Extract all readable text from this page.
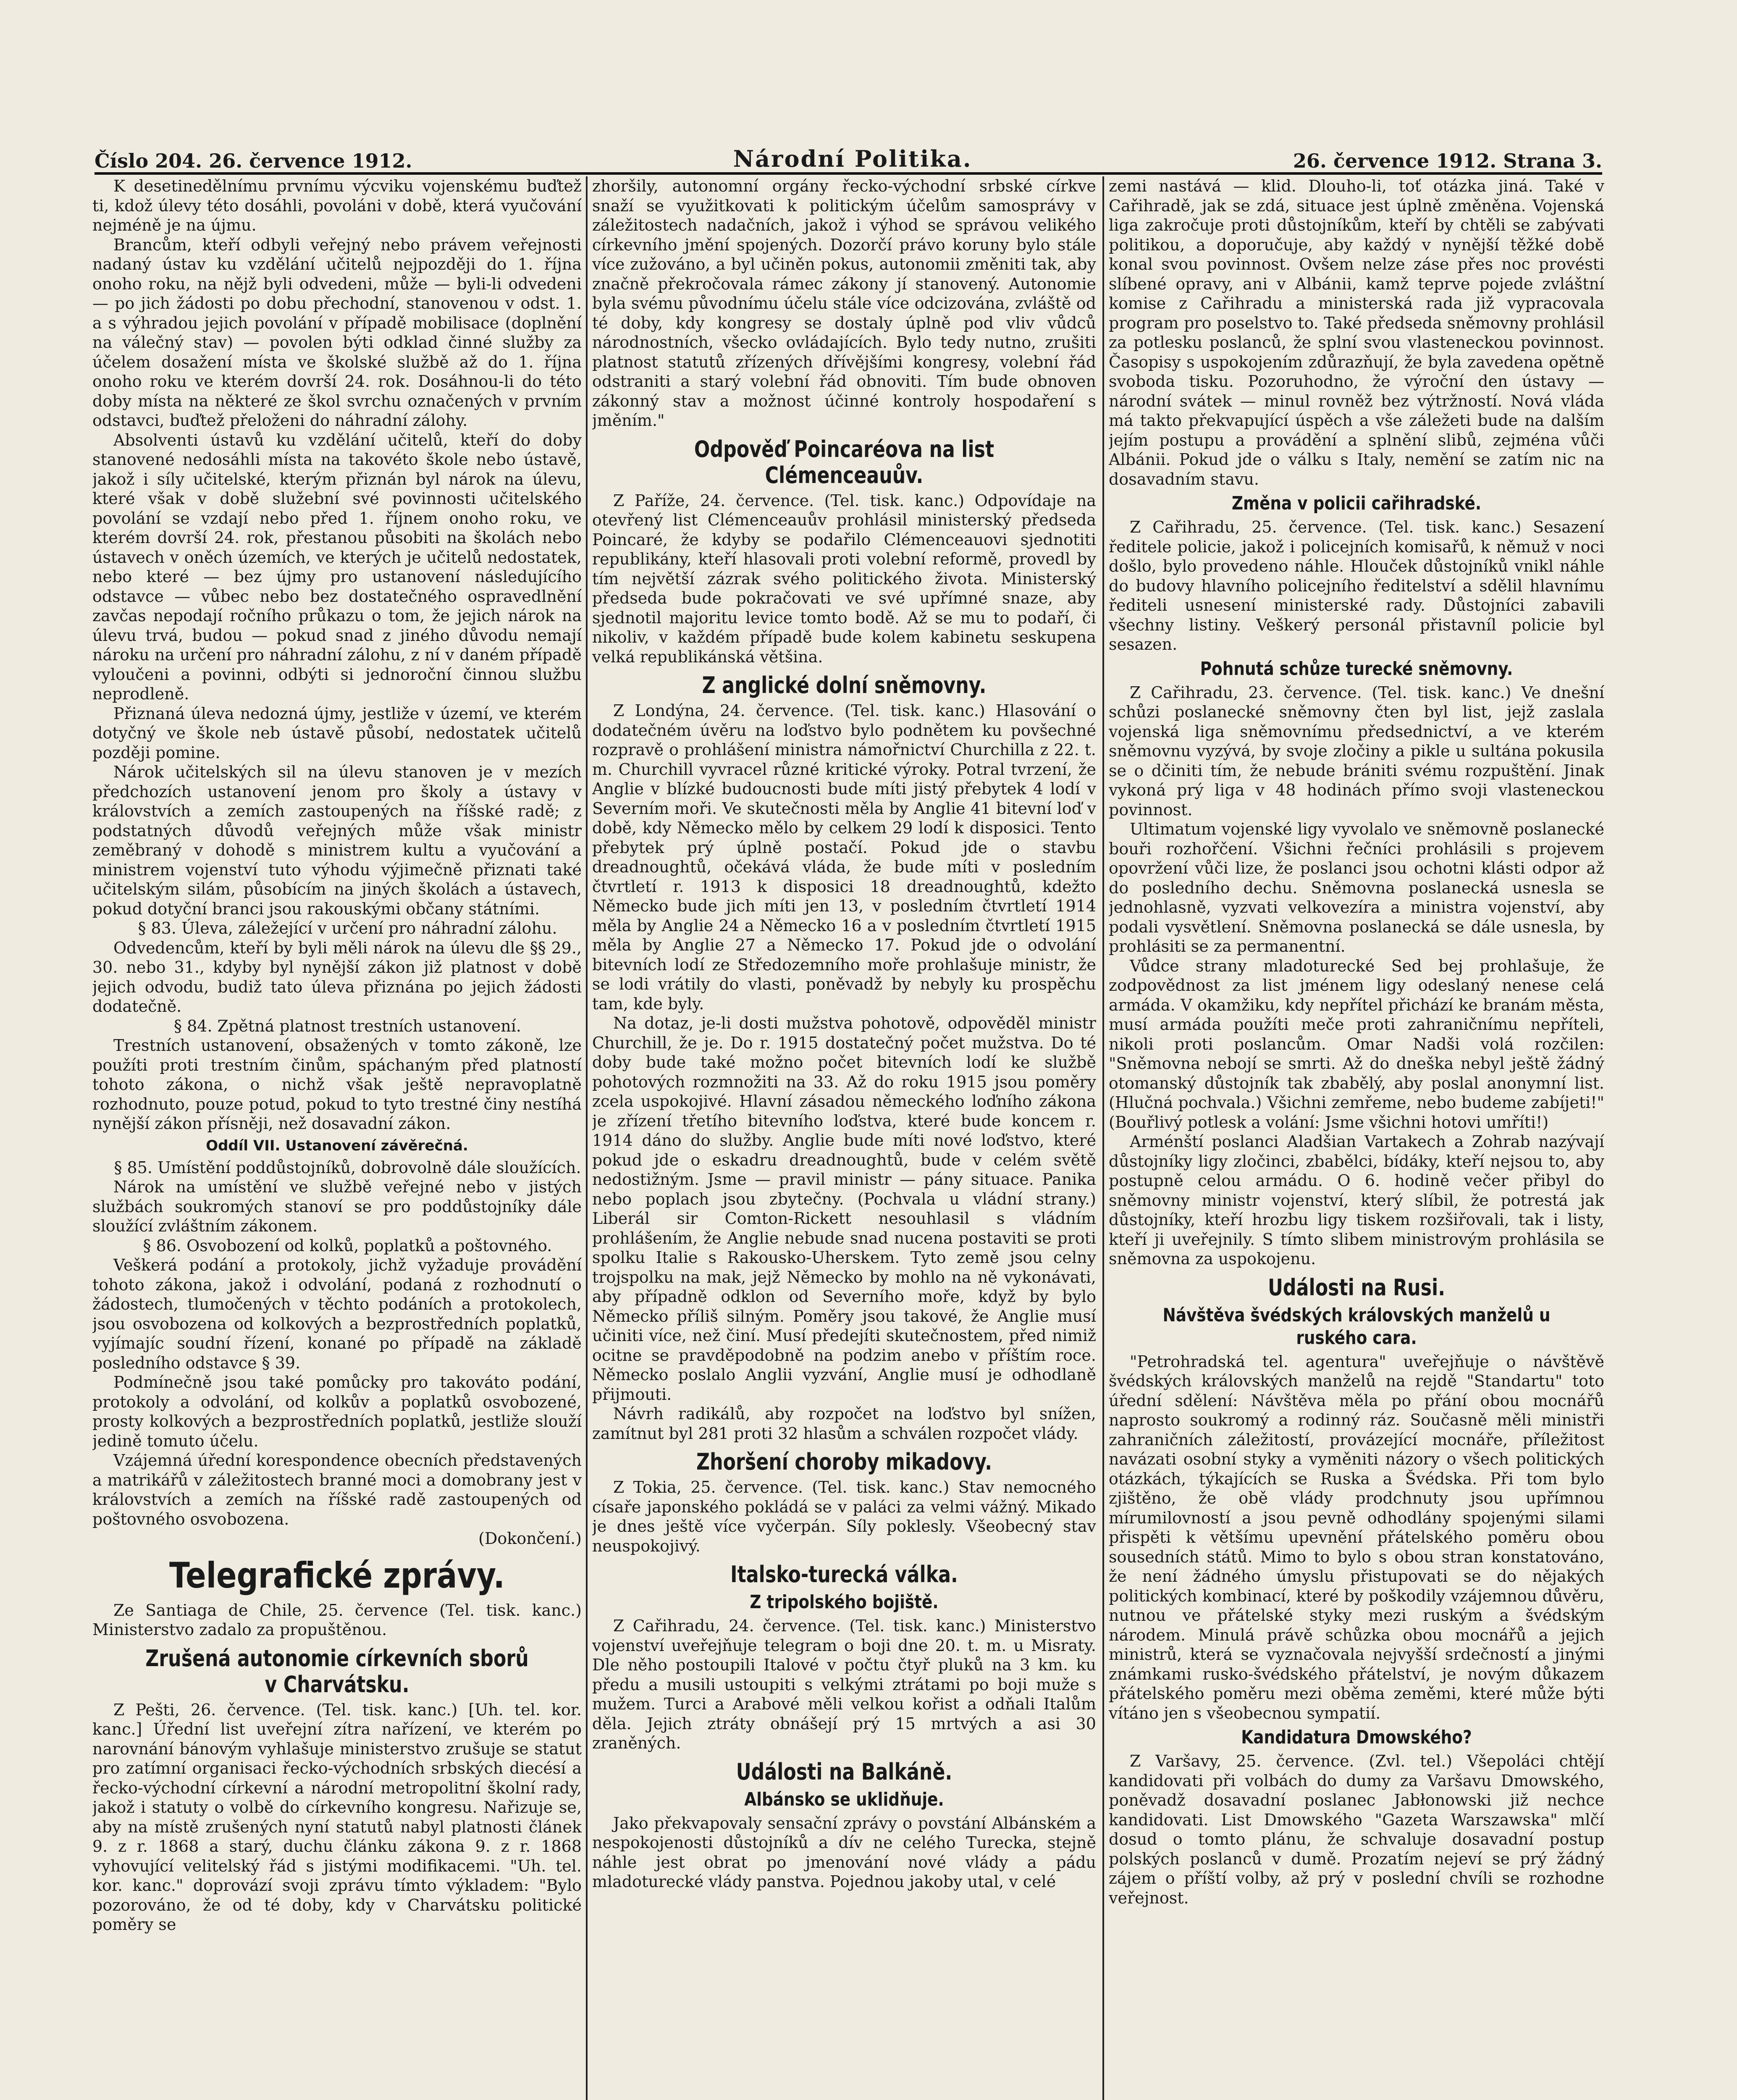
Číslo 204. 26. července 1912.	Národní Politika.	26. července 1912. Strana 3.

K desetinedělnímu prvnímu výcviku vojenskému buďtež ti, kdož úlevy této dosáhli, povoláni v době, která vyučování nejméně je na újmu.

Brancům, kteří odbyli veřejný nebo právem veřejnosti nadaný ústav ku vzdělání učitelů nejpozději do 1. října onoho roku, na nějž byli odvedeni, může — byli-li odvedeni — po jich žádosti po dobu přechodní, stanovenou v odst. 1. a s výhradou jejich povolání v případě mobilisace (doplnění na válečný stav) — povolen býti odklad činné služby za účelem dosažení místa ve školské službě až do 1. října onoho roku ve kterém dovrší 24. rok. Dosáhnou-li do této doby místa na některé ze škol svrchu označených v prvním odstavci, buďtež přeloženi do náhradní zálohy.

Absolventi ústavů ku vzdělání učitelů, kteří do doby stanovené nedosáhli místa na takovéto škole nebo ústavě, jakož i síly učitelské, kterým přiznán byl nárok na úlevu, které však v době služební své povinnosti učitelského povolání se vzdají nebo před 1. říjnem onoho roku, ve kterém dovrší 24. rok, přestanou působiti na školách nebo ústavech v oněch územích, ve kterých je učitelů nedostatek, nebo které — bez újmy pro ustanovení následujícího odstavce — vůbec nebo bez dostatečného ospravedlnění zavčas nepodají ročního průkazu o tom, že jejich nárok na úlevu trvá, budou — pokud snad z jiného důvodu nemají nároku na určení pro náhradní zálohu, z ní v daném případě vyloučeni a povinni, odbýti si jednoroční činnou službu neprodleně.

Přiznaná úleva nedozná újmy, jestliže v území, ve kterém dotyčný ve škole neb ústavě působí, nedostatek učitelů později pomine.

Nárok učitelských sil na úlevu stanoven je v mezích předchozích ustanovení jenom pro školy a ústavy v královstvích a zemích zastoupených na říšské radě; z podstatných důvodů veřejných může však ministr zeměbraný v dohodě s ministrem kultu a vyučování a ministrem vojenství tuto výhodu výjimečně přiznati také učitelským silám, působícím na jiných školách a ústavech, pokud dotyční branci jsou rakouskými občany státními.

§ 83. Úleva, záležející v určení pro náhradní zálohu.

Odvedencům, kteří by byli měli nárok na úlevu dle §§ 29., 30. nebo 31., kdyby byl nynější zákon již platnost v době jejich odvodu, budiž tato úleva přiznána po jejich žádosti dodatečně.

§ 84. Zpětná platnost trestních ustanovení.

Trestních ustanovení, obsažených v tomto zákoně, lze použíti proti trestním činům, spáchaným před platností tohoto zákona, o nichž však ještě nepravoplatně rozhodnuto, pouze potud, pokud to tyto trestné činy nestíhá nynější zákon přísněji, než dosavadní zákon.

Oddíl VII. Ustanovení závěrečná.

§ 85. Umístění poddůstojníků, dobrovolně dále sloužících.

Nárok na umístění ve službě veřejné nebo v jistých službách soukromých stanoví se pro poddůstojníky dále sloužící zvláštním zákonem.

§ 86. Osvobození od kolků, poplatků a poštovného.

Veškerá podání a protokoly, jichž vyžaduje provádění tohoto zákona, jakož i odvolání, podaná z rozhodnutí o žádostech, tlumočených v těchto podáních a protokolech, jsou osvobozena od kolkových a bezprostředních poplatků, vyjímajíc soudní řízení, konané po případě na základě posledního odstavce § 39.

Podmínečně jsou také pomůcky pro takováto podání, protokoly a odvolání, od kolkův a poplatků osvobozené, prosty kolkových a bezprostředních poplatků, jestliže slouží jedině tomuto účelu.

Vzájemná úřední korespondence obecních představených a matrikářů v záležitostech branné moci a domobrany jest v královstvích a zemích na říšské radě zastoupených od poštovného osvobozena.

(Dokončení.)

Telegrafické zprávy.

Ze Santiaga de Chile, 25. července (Tel. tisk. kanc.) Ministerstvo zadalo za propuštěnou.

Zrušená autonomie církevních sborů v Charvátsku.

Z Pešti, 26. července. (Tel. tisk. kanc.) [Uh. tel. kor. kanc.] Úřední list uveřejní zítra nařízení, ve kterém po narovnání bánovým vyhlašuje ministerstvo zrušuje se statut pro zatímní organisaci řecko-východních srbských diecésí a řecko-východní církevní a národní metropolitní školní rady, jakož i statuty o volbě do církevního kongresu. Nařizuje se, aby na místě zrušených nyní statutů nabyl platnosti článek 9. z r. 1868 a starý, duchu článku zákona 9. z r. 1868 vyhovující velitelský řád s jistými modifikacemi. "Uh. tel. kor. kanc." doprovází svoji zprávu tímto výkladem: "Bylo pozorováno, že od té doby, kdy v Charvátsku politické poměry se

zhoršily, autonomní orgány řecko-východní srbské církve snaží se využitkovati k politickým účelům samosprávy v záležitostech nadačních, jakož i výhod se správou velikého církevního jmění spojených. Dozorčí právo koruny bylo stále více zužováno, a byl učiněn pokus, autonomii změniti tak, aby značně překročovala rámec zákony jí stanovený. Autonomie byla svému původnímu účelu stále více odcizována, zvláště od té doby, kdy kongresy se dostaly úplně pod vliv vůdců národnostních, všecko ovládajících. Bylo tedy nutno, zrušiti platnost statutů zřízených dřívějšími kongresy, volební řád odstraniti a starý volební řád obnoviti. Tím bude obnoven zákonný stav a možnost účinné kontroly hospodaření s jměním."

Odpověď Poincaréova na list Clémenceauův.

Z Paříže, 24. července. (Tel. tisk. kanc.) Odpovídaje na otevřený list Clémenceauův prohlásil ministerský předseda Poincaré, že kdyby se podařilo Clémenceauovi sjednotiti republikány, kteří hlasovali proti volební reformě, provedl by tím největší zázrak svého politického života. Ministerský předseda bude pokračovati ve své upřímné snaze, aby sjednotil majoritu levice tomto bodě. Až se mu to podaří, či nikoliv, v každém případě bude kolem kabinetu seskupena velká republikánská většina.

Z anglické dolní sněmovny.

Z Londýna, 24. července. (Tel. tisk. kanc.) Hlasování o dodatečném úvěru na loďstvo bylo podnětem ku povšechné rozpravě o prohlášení ministra námořnictví Churchilla z 22. t. m. Churchill vyvracel různé kritické výroky. Potral tvrzení, že Anglie v blízké budoucnosti bude míti jistý přebytek 4 lodí v Severním moři. Ve skutečnosti měla by Anglie 41 bitevní loď v době, kdy Německo mělo by celkem 29 lodí k disposici. Tento přebytek prý úplně postačí. Pokud jde o stavbu dreadnoughtů, očekává vláda, že bude míti v posledním čtvrtletí r. 1913 k disposici 18 dreadnoughtů, kdežto Německo bude jich míti jen 13, v posledním čtvrtletí 1914 měla by Anglie 24 a Německo 16 a v posledním čtvrtletí 1915 měla by Anglie 27 a Německo 17. Pokud jde o odvolání bitevních lodí ze Středozemního moře prohlašuje ministr, že se lodi vrátily do vlasti, poněvadž by nebyly ku prospěchu tam, kde byly.

Na dotaz, je-li dosti mužstva pohotově, odpověděl ministr Churchill, že je. Do r. 1915 dostatečný počet mužstva. Do té doby bude také možno počet bitevních lodí ke službě pohotových rozmnožiti na 33. Až do roku 1915 jsou poměry zcela uspokojivé. Hlavní zásadou německého loďního zákona je zřízení třetího bitevního loďstva, které bude koncem r. 1914 dáno do služby. Anglie bude míti nové loďstvo, které pokud jde o eskadru dreadnoughtů, bude v celém světě nedostižným. Jsme — pravil ministr — pány situace. Panika nebo poplach jsou zbytečny. (Pochvala u vládní strany.) Liberál sir Comton-Rickett nesouhlasil s vládním prohlášením, že Anglie nebude snad nucena postaviti se proti spolku Italie s Rakousko-Uherskem. Tyto země jsou celny trojspolku na mak, jejž Německo by mohlo na ně vykonávati, aby případně odklon od Severního moře, když by bylo Německo příliš silným. Poměry jsou takové, že Anglie musí učiniti více, než činí. Musí předejíti skutečnostem, před nimiž ocitne se pravděpodobně na podzim anebo v příštím roce. Německo poslalo Anglii vyzvání, Anglie musí je odhodlaně přijmouti.

Návrh radikálů, aby rozpočet na loďstvo byl snížen, zamítnut byl 281 proti 32 hlasům a schválen rozpočet vlády.

Zhoršení choroby mikadovy.

Z Tokia, 25. července. (Tel. tisk. kanc.) Stav nemocného císaře japonského pokládá se v paláci za velmi vážný. Mikado je dnes ještě více vyčerpán. Síly poklesly. Všeobecný stav neuspokojivý.

Italsko-turecká válka.
Z tripolského bojiště.

Z Cařihradu, 24. července. (Tel. tisk. kanc.) Ministerstvo vojenství uveřejňuje telegram o boji dne 20. t. m. u Misraty. Dle něho postoupili Italové v počtu čtyř pluků na 3 km. ku předu a musili ustoupiti s velkými ztrátami po boji muže s mužem. Turci a Arabové měli velkou kořist a odňali Italům děla. Jejich ztráty obnášejí prý 15 mrtvých a asi 30 zraněných.

Události na Balkáně.
Albánsko se uklidňuje.

Jako překvapovaly sensační zprávy o povstání Albánském a nespokojenosti důstojníků a dív ne celého Turecka, stejně náhle jest obrat po jmenování nové vlády a pádu mladoturecké vlády panstva. Pojednou jakoby utal, v celé

zemi nastává — klid. Dlouho-li, toť otázka jiná. Také v Cařihradě, jak se zdá, situace jest úplně změněna. Vojenská liga zakročuje proti důstojníkům, kteří by chtěli se zabývati politikou, a doporučuje, aby každý v nynější těžké době konal svou povinnost. Ovšem nelze záse přes noc provésti slíbené opravy, ani v Albánii, kamž teprve pojede zvláštní komise z Cařihradu a ministerská rada již vypracovala program pro poselstvo to. Také předseda sněmovny prohlásil za potlesku poslanců, že splní svou vlasteneckou povinnost. Časopisy s uspokojením zdůrazňují, že byla zavedena opětně svoboda tisku. Pozoruhodno, že výroční den ústavy — národní svátek — minul rovněž bez výtržností. Nová vláda má takto překvapující úspěch a vše záležeti bude na dalším jejím postupu a provádění a splnění slibů, zejména vůči Albánii. Pokud jde o válku s Italy, nemění se zatím nic na dosavadním stavu.

Změna v policii cařihradské.

Z Cařihradu, 25. července. (Tel. tisk. kanc.) Sesazení ředitele policie, jakož i policejních komisařů, k němuž v noci došlo, bylo provedeno náhle. Hlouček důstojníků vnikl náhle do budovy hlavního policejního ředitelství a sdělil hlavnímu řediteli usnesení ministerské rady. Důstojníci zabavili všechny listiny. Veškerý personál přistavníl policie byl sesazen.

Pohnutá schůze turecké sněmovny.

Z Cařihradu, 23. července. (Tel. tisk. kanc.) Ve dnešní schůzi poslanecké sněmovny čten byl list, jejž zaslala vojenská liga sněmovnímu předsednictví, a ve kterém sněmovnu vyzývá, by svoje zločiny a pikle u sultána pokusila se o dčiniti tím, že nebude brániti svému rozpuštění. Jinak vykoná prý liga v 48 hodinách přímo svoji vlasteneckou povinnost.

Ultimatum vojenské ligy vyvolalo ve sněmovně poslanecké bouři rozhořčení. Všichni řečníci prohlásili s projevem opovržení vůči lize, že poslanci jsou ochotni klásti odpor až do posledního dechu. Sněmovna poslanecká usnesla se jednohlasně, vyzvati velkovezíra a ministra vojenství, aby podali vysvětlení. Sněmovna poslanecká se dále usnesla, by prohlásiti se za permanentní.

Vůdce strany mladoturecké Sed bej prohlašuje, že zodpovědnost za list jménem ligy odeslaný nenese celá armáda. V okamžiku, kdy nepřítel přichází ke branám města, musí armáda použíti meče proti zahraničnímu nepříteli, nikoli proti poslancům. Omar Nadši volá rozčilen: "Sněmovna nebojí se smrti. Až do dneška nebyl ještě žádný otomanský důstojník tak zbabělý, aby poslal anonymní list. (Hlučná pochvala.) Všichni zemřeme, nebo budeme zabíjeti!" (Bouřlivý potlesk a volání: Jsme všichni hotovi umříti!)

Arménští poslanci Aladšian Vartakech a Zohrab nazývají důstojníky ligy zločinci, zbabělci, bídáky, kteří nejsou to, aby postupně celou armádu. O 6. hodině večer přibyl do sněmovny ministr vojenství, který slíbil, že potrestá jak důstojníky, kteří hrozbu ligy tiskem rozšiřovali, tak i listy, kteří ji uveřejnily. S tímto slibem ministrovým prohlásila se sněmovna za uspokojenu.

Události na Rusi.
Návštěva švédských královských manželů u ruského cara.

"Petrohradská tel. agentura" uveřejňuje o návštěvě švédských královských manželů na rejdě "Standartu" toto úřední sdělení: Návštěva měla po přání obou mocnářů naprosto soukromý a rodinný ráz. Současně měli ministři zahraničních záležitostí, provázející mocnáře, příležitost navázati osobní styky a vyměniti názory o všech politických otázkách, týkajících se Ruska a Švédska. Při tom bylo zjištěno, že obě vlády prodchnuty jsou upřímnou mírumilovností a jsou pevně odhodlány spojenými silami přispěti k většímu upevnění přátelského poměru obou sousedních států. Mimo to bylo s obou stran konstatováno, že není žádného úmyslu přistupovati se do nějakých politických kombinací, které by poškodily vzájemnou důvěru, nutnou ve přátelské styky mezi ruským a švédským národem. Minulá právě schůzka obou mocnářů a jejich ministrů, která se vyznačovala nejvyšší srdečností a jinými známkami rusko-švédského přátelství, je novým důkazem přátelského poměru mezi oběma zeměmi, které může býti vítáno jen s všeobecnou sympatií.

Kandidatura Dmowského?

Z Varšavy, 25. července. (Zvl. tel.) Všepoláci chtějí kandidovati při volbách do dumy za Varšavu Dmowského, poněvadž dosavadní poslanec Jabłonowski již nechce kandidovati. List Dmowského "Gazeta Warszawska" mlčí dosud o tomto plánu, že schvaluje dosavadní postup polských poslanců v dumě. Prozatím nejeví se prý žádný zájem o příští volby, až prý v poslední chvíli se rozhodne veřejnost.
